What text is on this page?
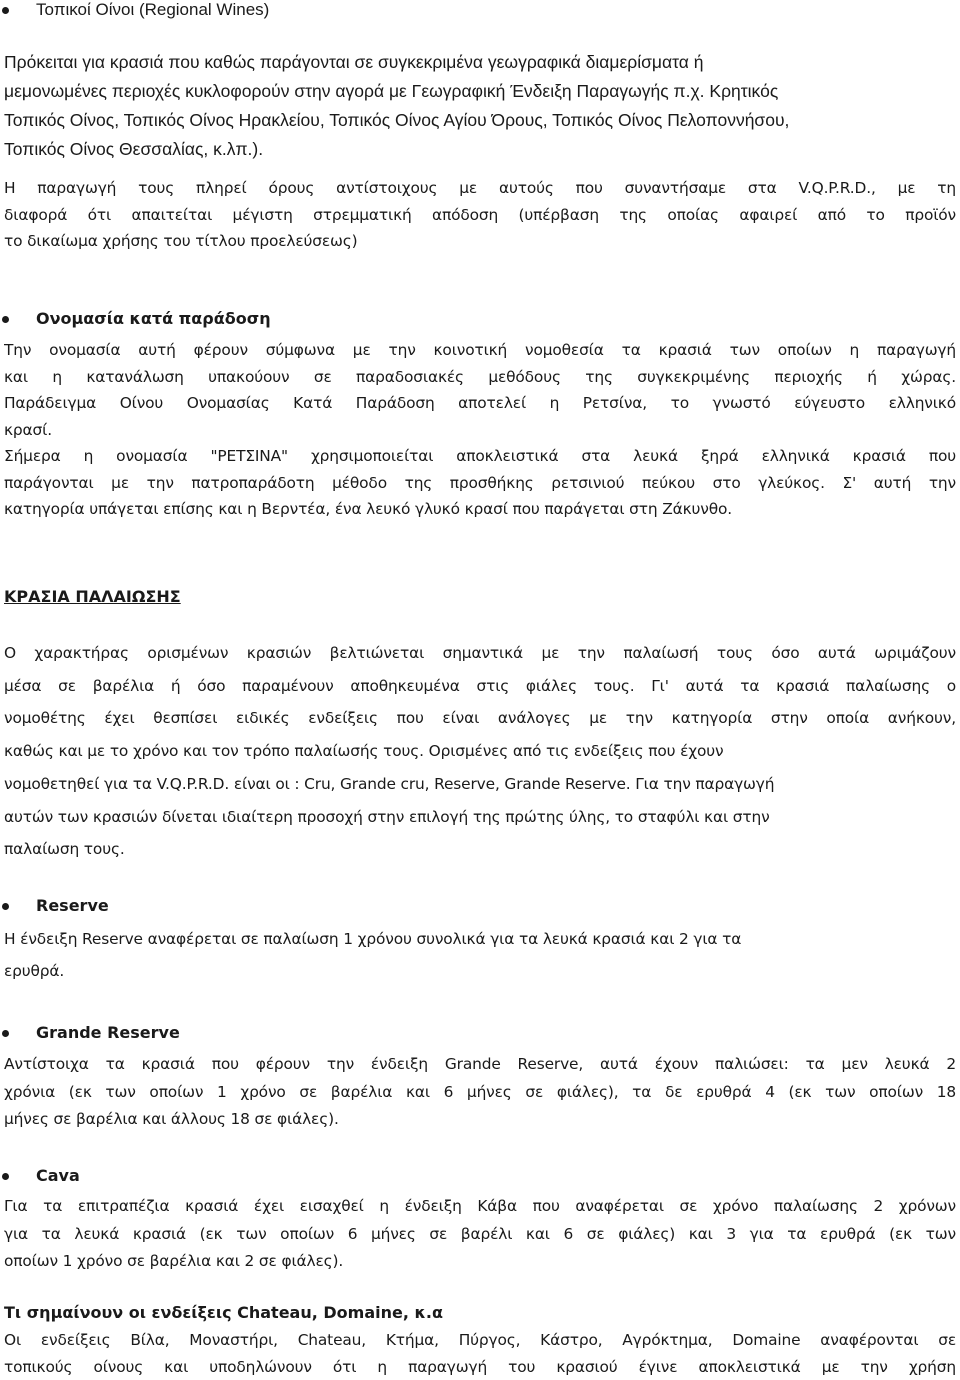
Τοπικοί Οίνοι (Regional Wines)
Πρόκειται για κρασιά που καθώς παράγονται σε συγκεκριμένα γεωγραφικά διαμερίσματα ή
μεμονωμένες περιοχές κυκλοφορούν στην αγορά με Γεωγραφική Ένδειξη Παραγωγής π.χ. Κρητικός
Τοπικός Οίνος, Τοπικός Οίνος Ηρακλείου, Τοπικός Οίνος Αγίου Όρους, Τοπικός Οίνος Πελοποννήσου,
Τοπικός Οίνος Θεσσαλίας, κ.λπ.).
Η παραγωγή τους πληρεί όρους αντίστοιχους με αυτούς που συναντήσαμε στα V.Q.P.R.D., με τη
διαφορά ότι απαιτείται μέγιστη στρεμματική απόδοση (υπέρβαση της οποίας αφαιρεί από το προϊόν
το δικαίωμα χρήσης του τίτλου προελεύσεως)
Ονομασία κατά παράδοση
Την ονομασία αυτή φέρουν σύμφωνα με την κοινοτική νομοθεσία τα κρασιά των οποίων η παραγωγή
και η κατανάλωση υπακούουν σε παραδοσιακές μεθόδους της συγκεκριμένης περιοχής ή χώρας.
Παράδειγμα Οίνου Ονομασίας Κατά Παράδοση αποτελεί η Ρετσίνα, το γνωστό εύγευστο ελληνικό
κρασί.
Σήμερα η ονομασία "ΡΕΤΣΙΝΑ" χρησιμοποιείται αποκλειστικά στα λευκά ξηρά ελληνικά κρασιά που
παράγονται με την πατροπαράδοτη μέθοδο της προσθήκης ρετσινιού πεύκου στο γλεύκος. Σ' αυτή την
κατηγορία υπάγεται επίσης και η Βερντέα, ένα λευκό γλυκό κρασί που παράγεται στη Ζάκυνθο.
ΚΡΑΣΙΑ ΠΑΛΑΙΩΣΗΣ
Ο χαρακτήρας ορισμένων κρασιών βελτιώνεται σημαντικά με την παλαίωσή τους όσο αυτά ωριμάζουν
μέσα σε βαρέλια ή όσο παραμένουν αποθηκευμένα στις φιάλες τους. Γι' αυτά τα κρασιά παλαίωσης ο
νομοθέτης έχει θεσπίσει ειδικές ενδείξεις που είναι ανάλογες με την κατηγορία στην οποία ανήκουν,
καθώς και με το χρόνο και τον τρόπο παλαίωσής τους. Ορισμένες από τις ενδείξεις που έχουν
νομοθετηθεί για τα V.Q.P.R.D. είναι οι : Cru, Grande cru, Reserve, Grande Reserve. Για την παραγωγή
αυτών των κρασιών δίνεται ιδιαίτερη προσοχή στην επιλογή της πρώτης ύλης, το σταφύλι και στην
παλαίωση τους.
Reserve
Η ένδειξη Reserve αναφέρεται σε παλαίωση 1 χρόνου συνολικά για τα λευκά κρασιά και 2 για τα
ερυθρά.
Grande Reserve
Αντίστοιχα τα κρασιά που φέρουν την ένδειξη Grande Reserve, αυτά έχουν παλιώσει: τα μεν λευκά 2
χρόνια (εκ των οποίων 1 χρόνο σε βαρέλια και 6 μήνες σε φιάλες), τα δε ερυθρά 4 (εκ των οποίων 18
μήνες σε βαρέλια και άλλους 18 σε φιάλες).
Cava
Για τα επιτραπέζια κρασιά έχει εισαχθεί η ένδειξη Κάβα που αναφέρεται σε χρόνο παλαίωσης 2 χρόνων
για τα λευκά κρασιά (εκ των οποίων 6 μήνες σε βαρέλι και 6 σε φιάλες) και 3 για τα ερυθρά (εκ των
οποίων 1 χρόνο σε βαρέλια και 2 σε φιάλες).
Τι σημαίνουν οι ενδείξεις Chateau, Domaine, κ.α
Οι ενδείξεις Βίλα, Μοναστήρι, Chateau, Κτήμα, Πύργος, Κάστρο, Αγρόκτημα, Domaine αναφέρονται σε
τοπικούς οίνους και υποδηλώνουν ότι η παραγωγή του κρασιού έγινε αποκλειστικά με την χρήση
